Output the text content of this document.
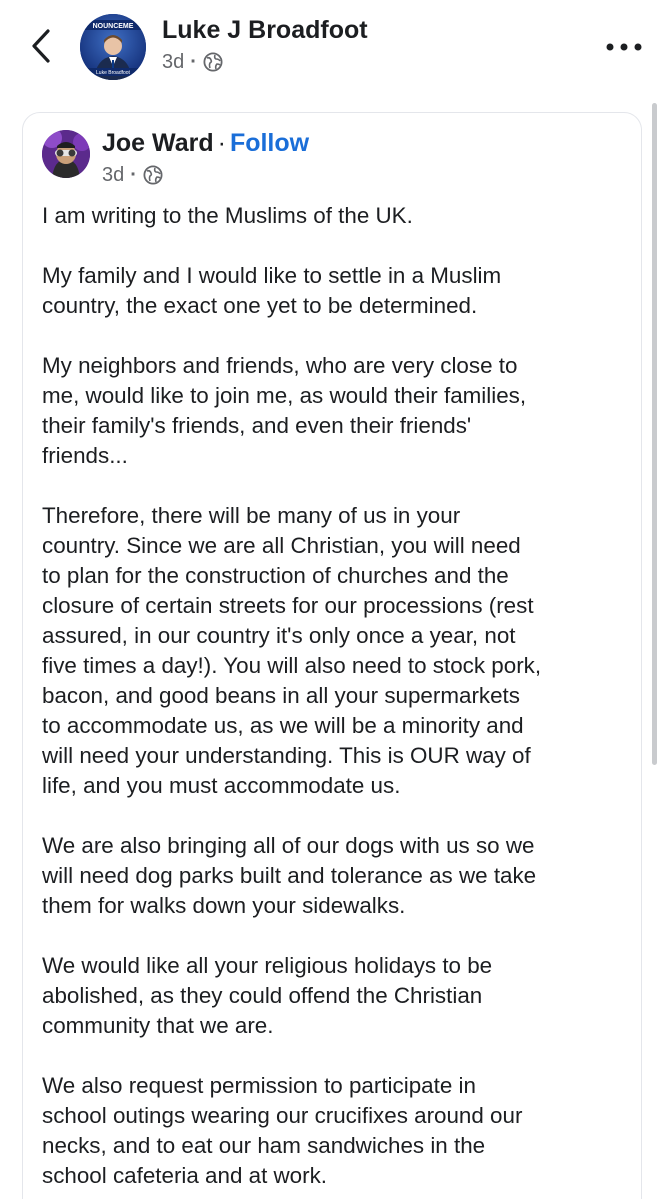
NOUNCEME
Luke Broadfoot
Luke J Broadfoot
3d ·
Joe Ward · Follow
3d ·

I am writing to the Muslims of the UK.

My family and I would like to settle in a Muslim
country, the exact one yet to be determined.

My neighbors and friends, who are very close to
me, would like to join me, as would their families,
their family's friends, and even their friends'
friends...

Therefore, there will be many of us in your
country. Since we are all Christian, you will need
to plan for the construction of churches and the
closure of certain streets for our processions (rest
assured, in our country it's only once a year, not
five times a day!). You will also need to stock pork,
bacon, and good beans in all your supermarkets
to accommodate us, as we will be a minority and
will need your understanding. This is OUR way of
life, and you must accommodate us.

We are also bringing all of our dogs with us so we
will need dog parks built and tolerance as we take
them for walks down your sidewalks.

We would like all your religious holidays to be
abolished, as they could offend the Christian
community that we are.

We also request permission to participate in
school outings wearing our crucifixes around our
necks, and to eat our ham sandwiches in the
school cafeteria and at work.
